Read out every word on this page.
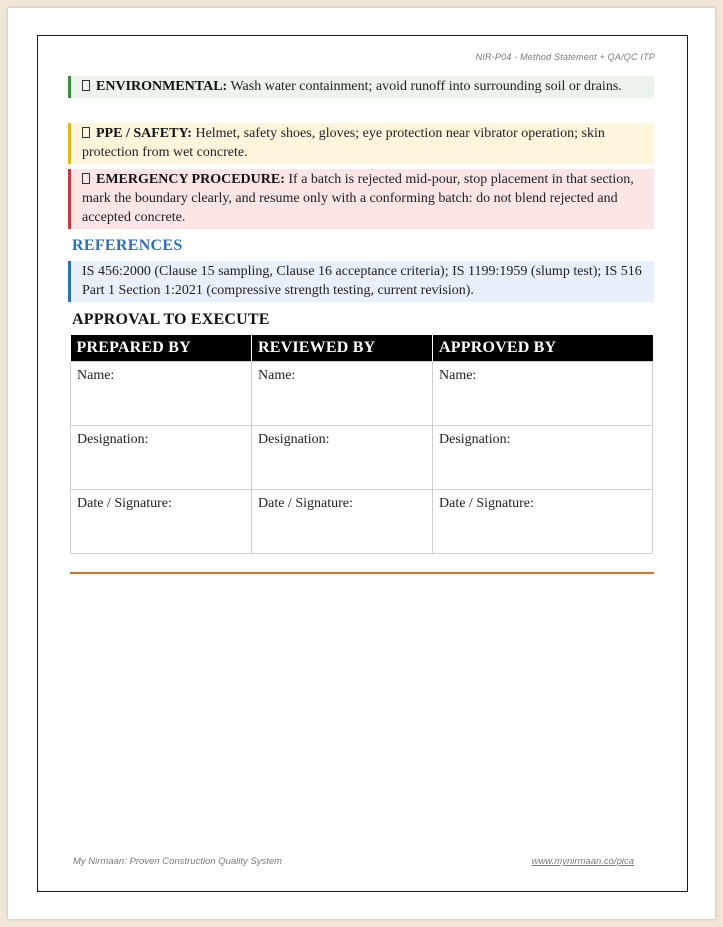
NIR-P04 - Method Statement + QA/QC ITP
ENVIRONMENTAL: Wash water containment; avoid runoff into surrounding soil or drains.
PPE / SAFETY: Helmet, safety shoes, gloves; eye protection near vibrator operation; skin protection from wet concrete.
EMERGENCY PROCEDURE: If a batch is rejected mid-pour, stop placement in that section, mark the boundary clearly, and resume only with a conforming batch: do not blend rejected and accepted concrete.
REFERENCES
IS 456:2000 (Clause 15 sampling, Clause 16 acceptance criteria); IS 1199:1959 (slump test); IS 516 Part 1 Section 1:2021 (compressive strength testing, current revision).
APPROVAL TO EXECUTE
PREPARED BY	REVIEWED BY	APPROVED BY
Name:	Name:	Name:
Designation:	Designation:	Designation:
Date / Signature:	Date / Signature:	Date / Signature:
My Nirmaan: Proven Construction Quality System	www.mynirmaan.co/pica
